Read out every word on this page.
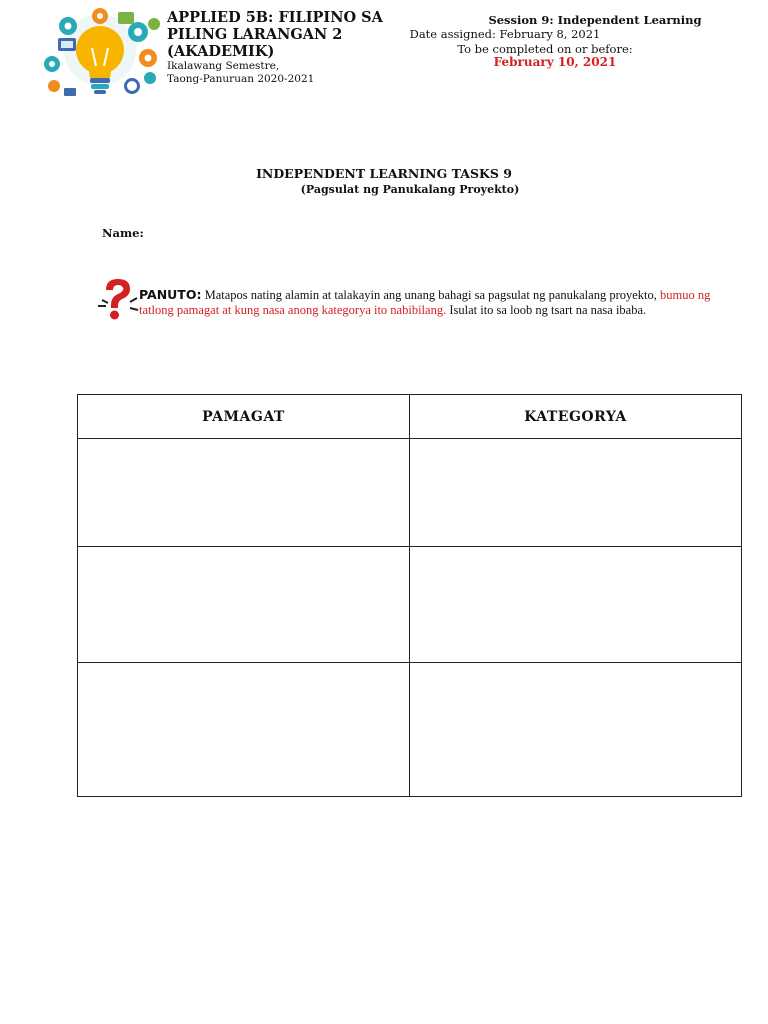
APPLIED 5B: FILIPINO SA PILING LARANGAN 2 (AKADEMIK)
Ikalawang Semestre,
Taong-Panuruan 2020-2021
Session 9: Independent Learning
Date assigned: February 8, 2021
To be completed on or before:
February 10, 2021
INDEPENDENT LEARNING TASKS 9
(Pagsulat ng Panukalang Proyekto)
Name:
PANUTO: Matapos nating alamin at talakayin ang unang bahagi sa pagsulat ng panukalang proyekto, bumuo ng tatlong pamagat at kung nasa anong kategorya ito nabibilang. Isulat ito sa loob ng tsart na nasa ibaba.
PAMAGAT	KATEGORYA
